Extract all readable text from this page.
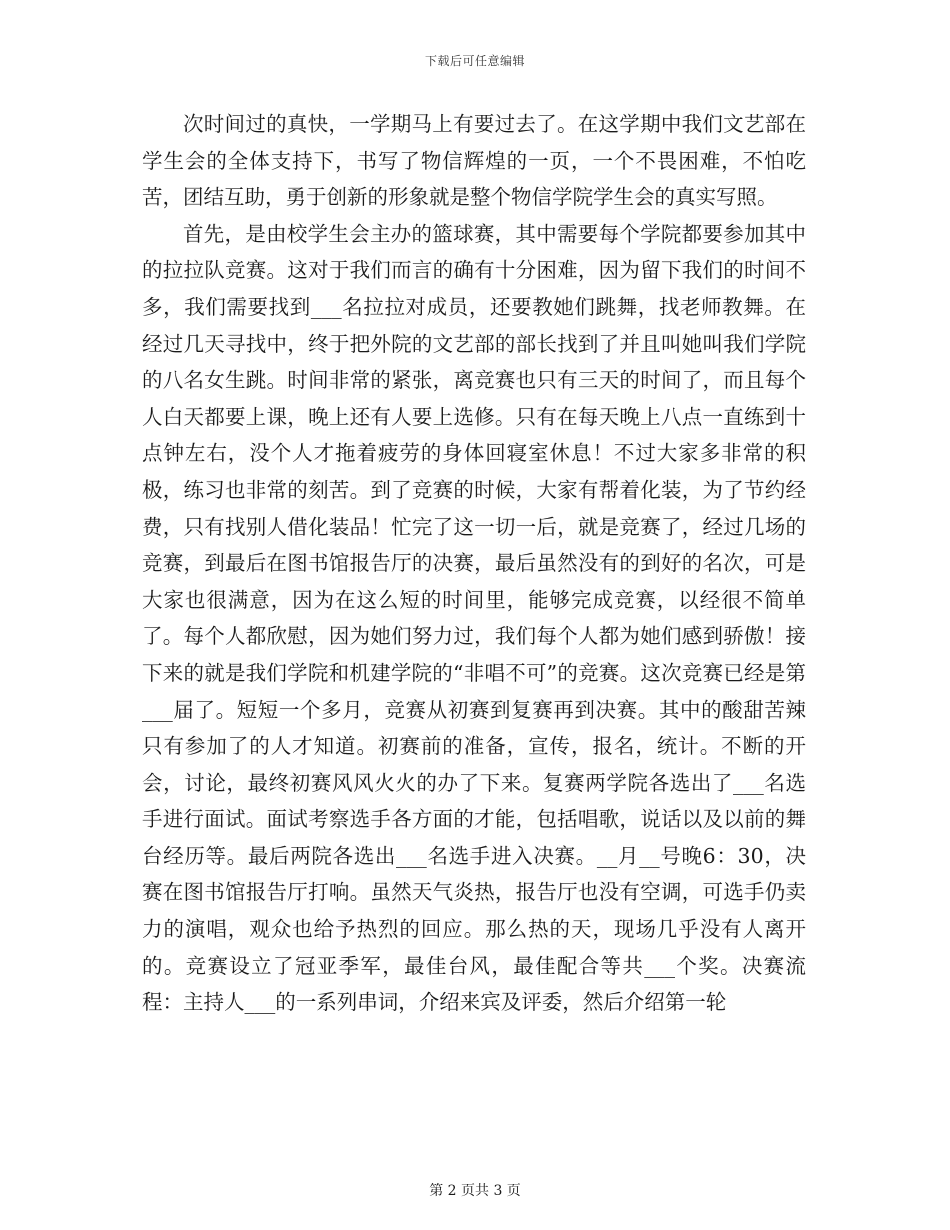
下载后可任意编辑

次时间过的真快，一学期马上有要过去了。在这学期中我们文艺部在学生会的全体支持下，书写了物信辉煌的一页，一个不畏困难，不怕吃苦，团结互助，勇于创新的形象就是整个物信学院学生会的真实写照。

首先，是由校学生会主办的篮球赛，其中需要每个学院都要参加其中的拉拉队竞赛。这对于我们而言的确有十分困难，因为留下我们的时间不多，我们需要找到___名拉拉对成员，还要教她们跳舞，找老师教舞。在经过几天寻找中，终于把外院的文艺部的部长找到了并且叫她叫我们学院的八名女生跳。时间非常的紧张，离竞赛也只有三天的时间了，而且每个人白天都要上课，晚上还有人要上选修。只有在每天晚上八点一直练到十点钟左右，没个人才拖着疲劳的身体回寝室休息！不过大家多非常的积极，练习也非常的刻苦。到了竞赛的时候，大家有帮着化装，为了节约经费，只有找别人借化装品！忙完了这一切一后，就是竞赛了，经过几场的竞赛，到最后在图书馆报告厅的决赛，最后虽然没有的到好的名次，可是大家也很满意，因为在这么短的时间里，能够完成竞赛，以经很不简单了。每个人都欣慰，因为她们努力过，我们每个人都为她们感到骄傲！接下来的就是我们学院和机建学院的“非唱不可”的竞赛。这次竞赛已经是第___届了。短短一个多月，竞赛从初赛到复赛再到决赛。其中的酸甜苦辣只有参加了的人才知道。初赛前的准备，宣传，报名，统计。不断的开会，讨论，最终初赛风风火火的办了下来。复赛两学院各选出了___名选手进行面试。面试考察选手各方面的才能，包括唱歌，说话以及以前的舞台经历等。最后两院各选出___名选手进入决赛。__月__号晚6：30，决赛在图书馆报告厅打响。虽然天气炎热，报告厅也没有空调，可选手仍卖力的演唱，观众也给予热烈的回应。那么热的天，现场几乎没有人离开的。竞赛设立了冠亚季军，最佳台风，最佳配合等共___个奖。决赛流程：主持人___的一系列串词，介绍来宾及评委，然后介绍第一轮

第 2 页共 3 页
